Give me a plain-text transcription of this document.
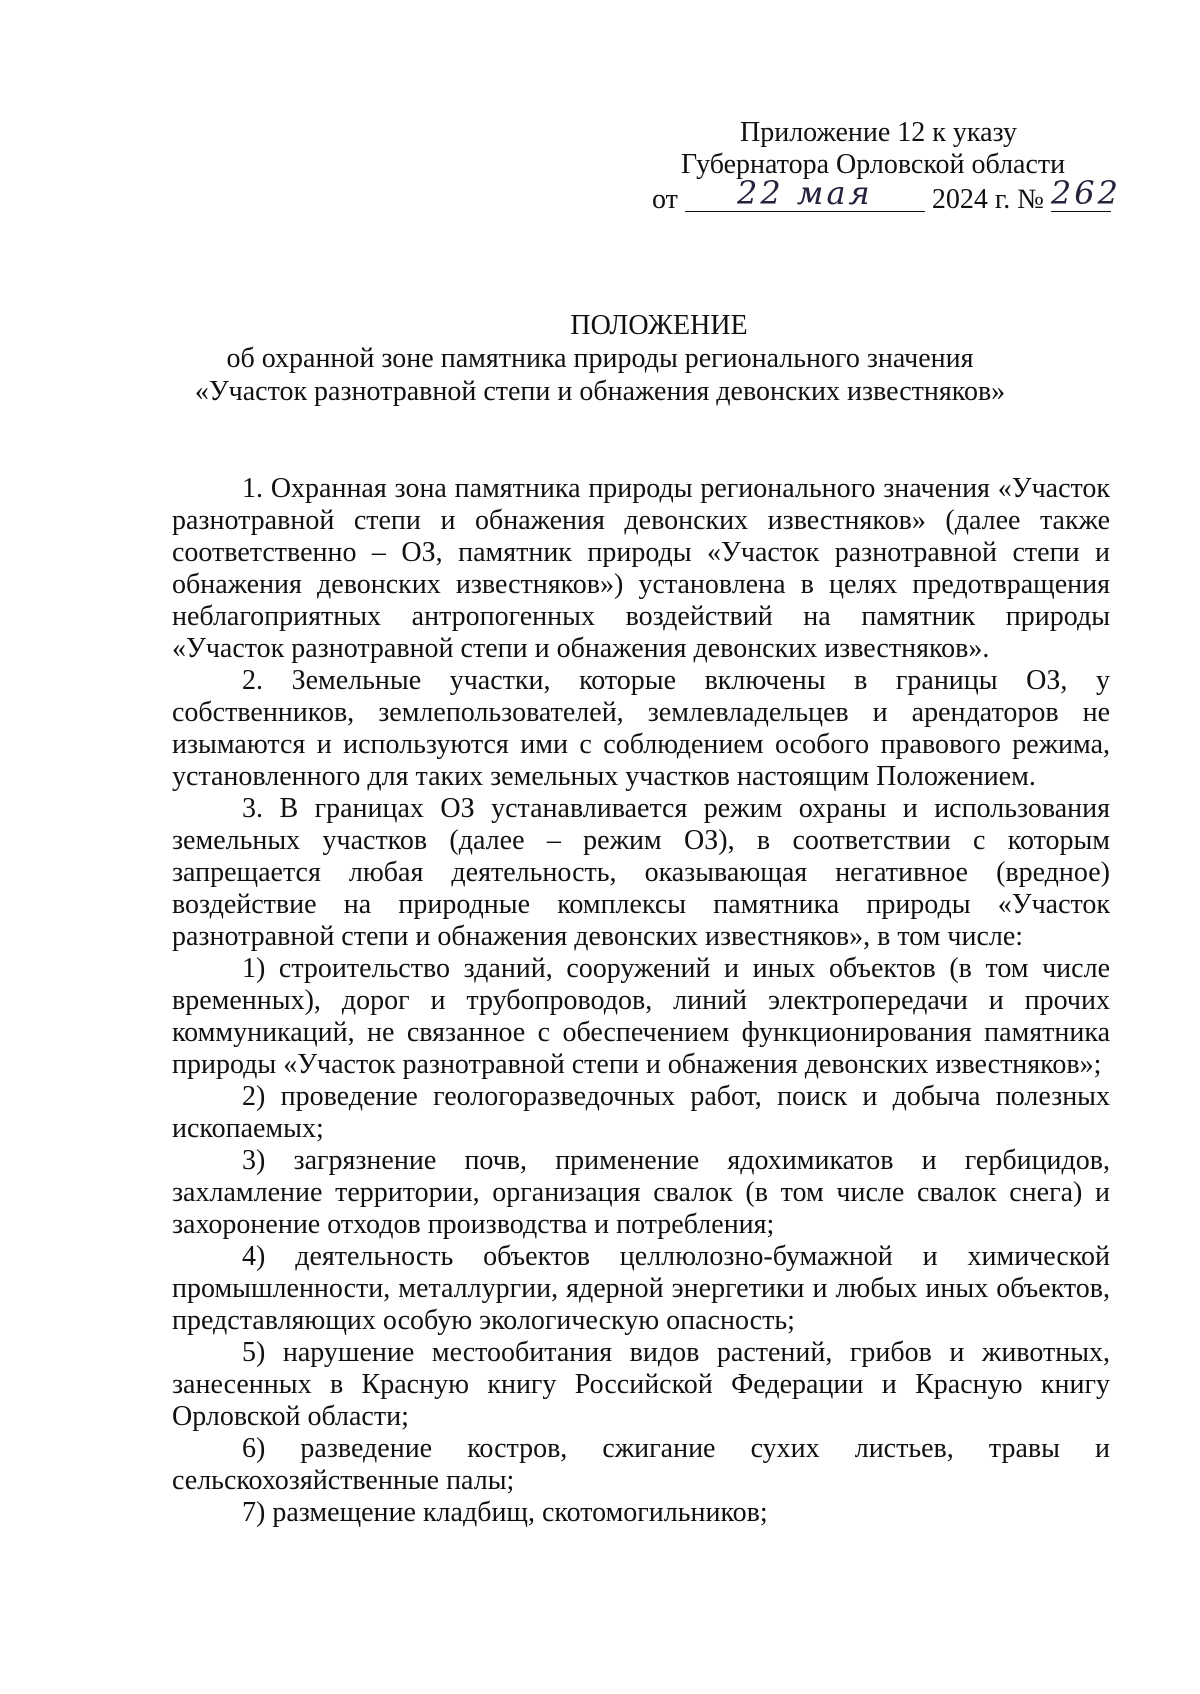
Приложение 12 к указу
Губернатора Орловской области
от 22 мая 2024 г. № 262
ПОЛОЖЕНИЕ
об охранной зоне памятника природы регионального значения
«Участок разнотравной степи и обнажения девонских известняков»

1. Охранная зона памятника природы регионального значения «Участок разнотравной степи и обнажения девонских известняков» (далее также соответственно – ОЗ, памятник природы «Участок разнотравной степи и обнажения девонских известняков») установлена в целях предотвращения неблагоприятных антропогенных воздействий на памятник природы «Участок разнотравной степи и обнажения девонских известняков».

2. Земельные участки, которые включены в границы ОЗ, у собственников, землепользователей, землевладельцев и арендаторов не изымаются и используются ими с соблюдением особого правового режима, установленного для таких земельных участков настоящим Положением.

3. В границах ОЗ устанавливается режим охраны и использования земельных участков (далее – режим ОЗ), в соответствии с которым запрещается любая деятельность, оказывающая негативное (вредное) воздействие на природные комплексы памятника природы «Участок разнотравной степи и обнажения девонских известняков», в том числе:

1) строительство зданий, сооружений и иных объектов (в том числе временных), дорог и трубопроводов, линий электропередачи и прочих коммуникаций, не связанное с обеспечением функционирования памятника природы «Участок разнотравной степи и обнажения девонских известняков»;

2) проведение геологоразведочных работ, поиск и добыча полезных ископаемых;

3) загрязнение почв, применение ядохимикатов и гербицидов, захламление территории, организация свалок (в том числе свалок снега) и захоронение отходов производства и потребления;

4) деятельность объектов целлюлозно-бумажной и химической промышленности, металлургии, ядерной энергетики и любых иных объектов, представляющих особую экологическую опасность;

5) нарушение местообитания видов растений, грибов и животных, занесенных в Красную книгу Российской Федерации и Красную книгу Орловской области;

6) разведение костров, сжигание сухих листьев, травы и сельскохозяйственные палы;

7) размещение кладбищ, скотомогильников;
